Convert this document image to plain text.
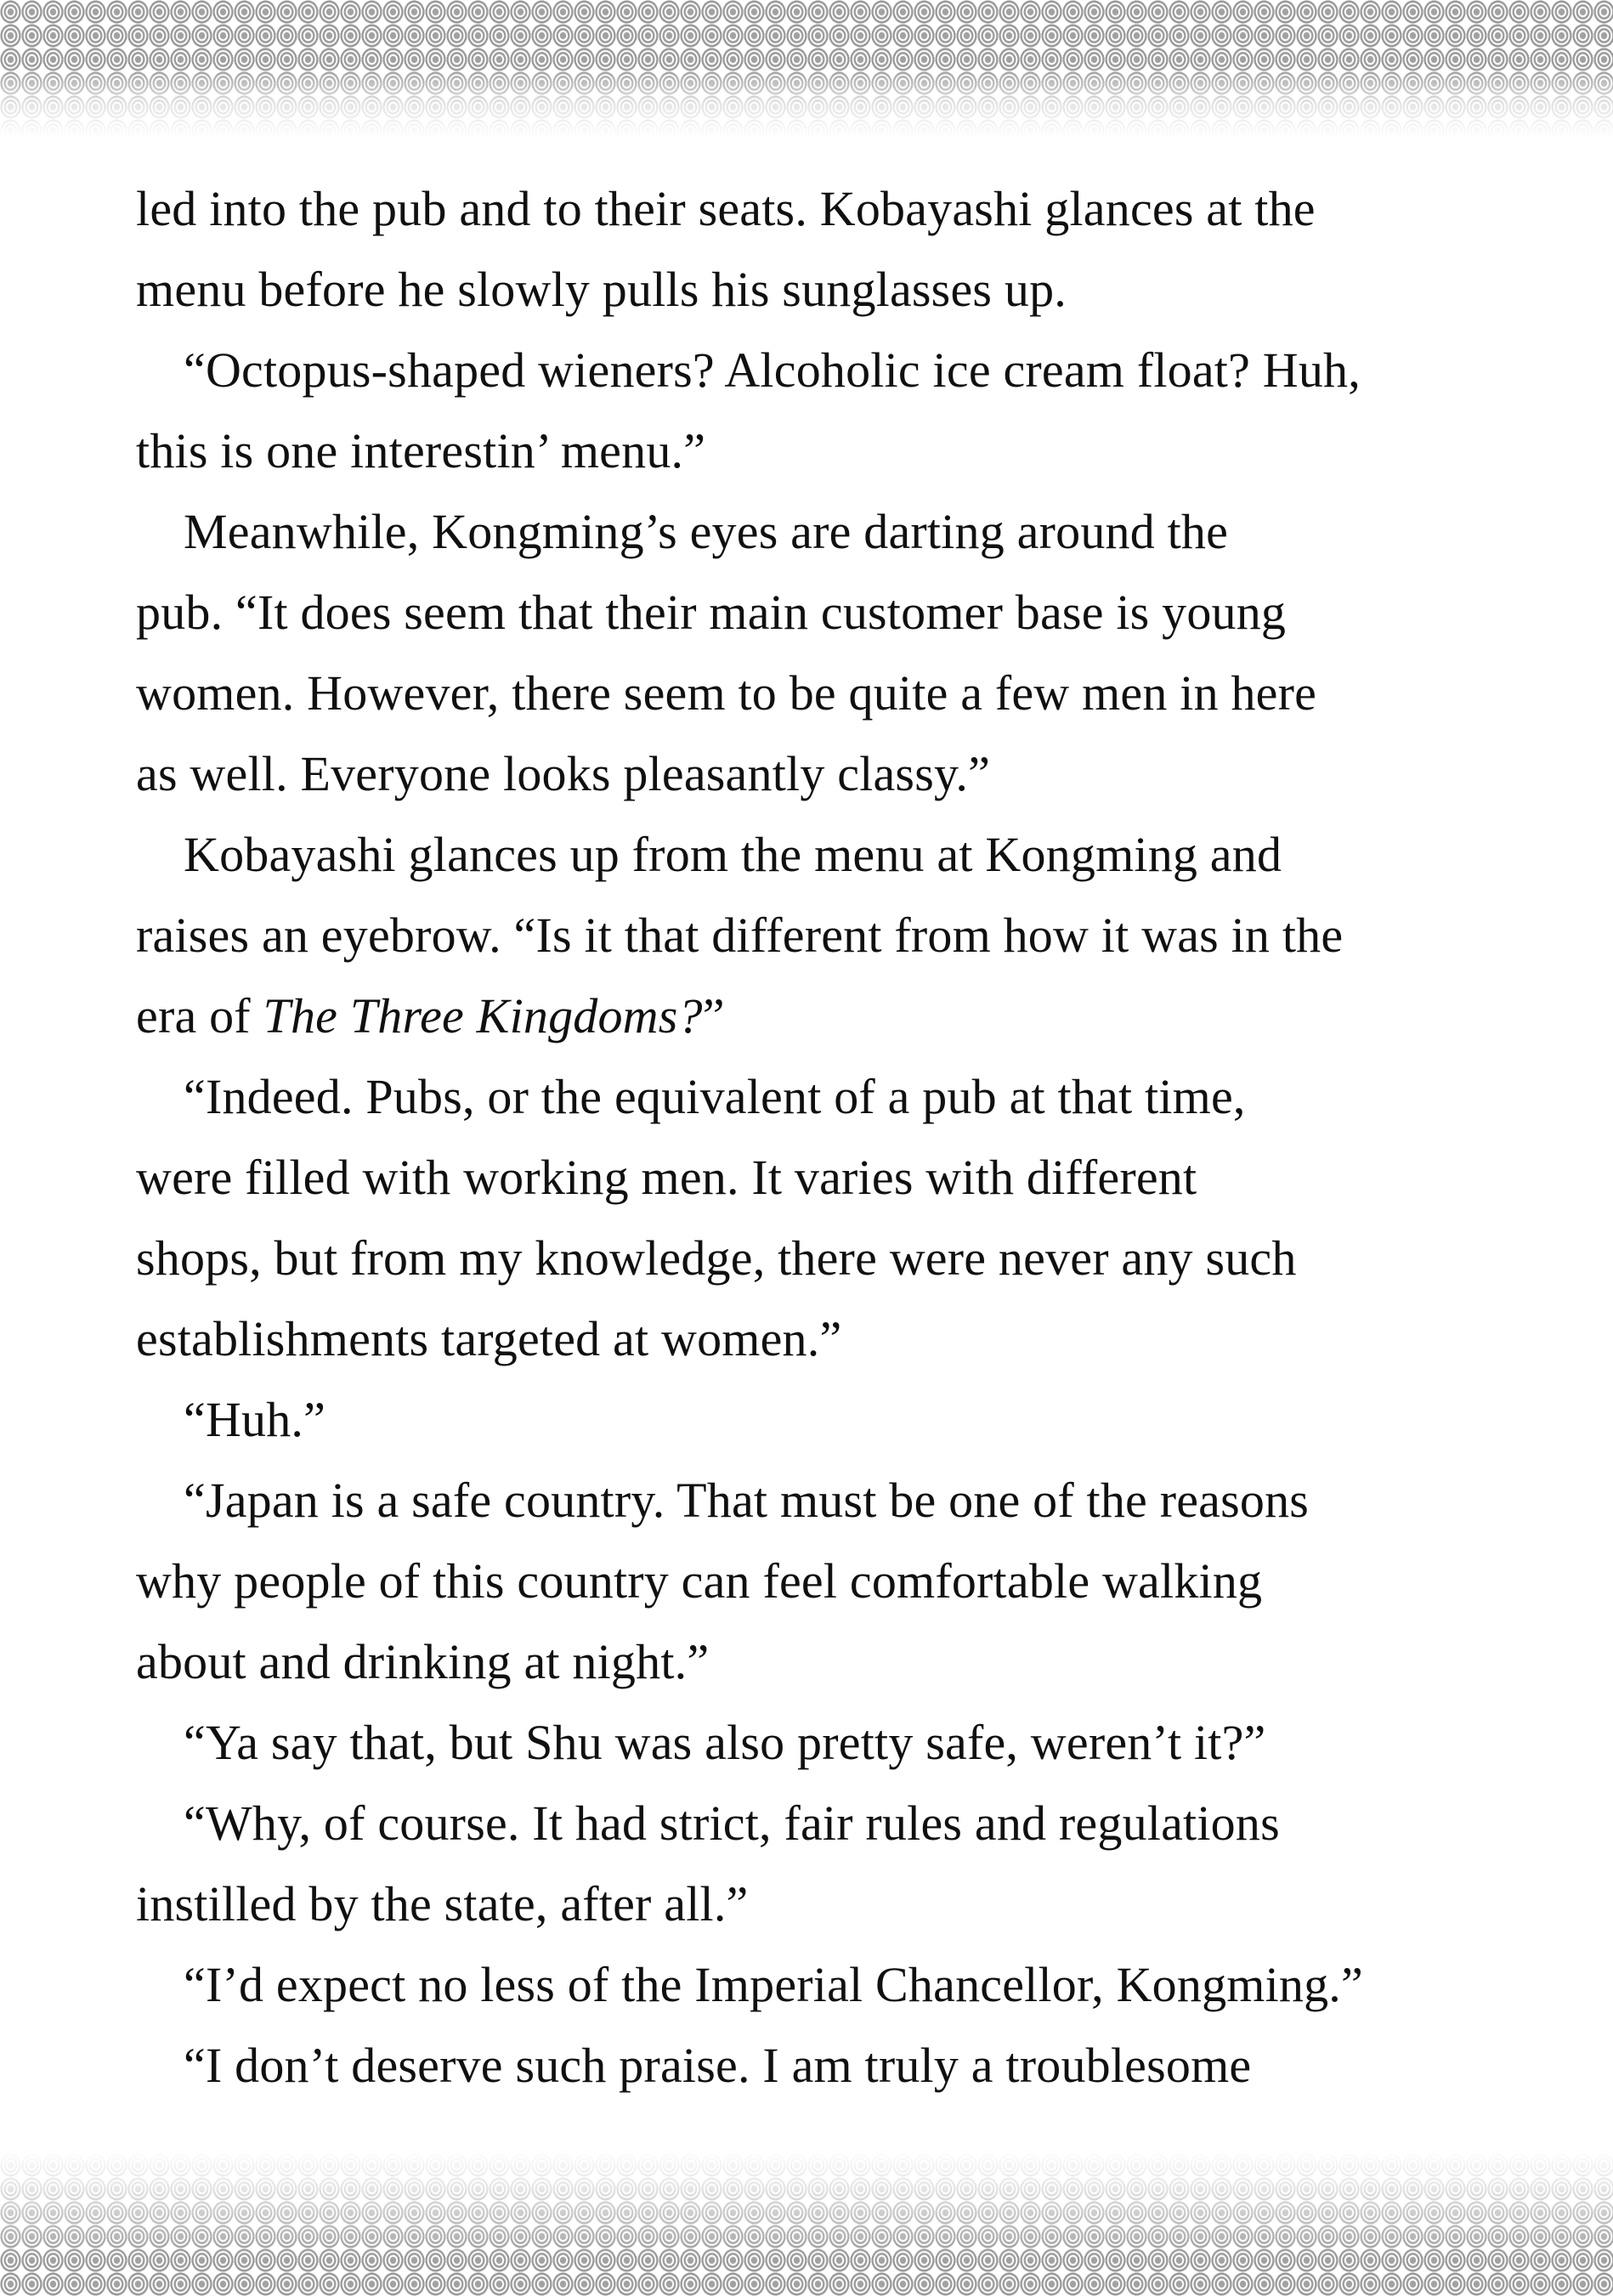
led into the pub and to their seats. Kobayashi glances at the
menu before he slowly pulls his sunglasses up.
“Octopus-shaped wieners? Alcoholic ice cream float? Huh,
this is one interestin’ menu.”
Meanwhile, Kongming’s eyes are darting around the
pub. “It does seem that their main customer base is young
women. However, there seem to be quite a few men in here
as well. Everyone looks pleasantly classy.”
Kobayashi glances up from the menu at Kongming and
raises an eyebrow. “Is it that different from how it was in the
era of The Three Kingdoms?”
“Indeed. Pubs, or the equivalent of a pub at that time,
were filled with working men. It varies with different
shops, but from my knowledge, there were never any such
establishments targeted at women.”
“Huh.”
“Japan is a safe country. That must be one of the reasons
why people of this country can feel comfortable walking
about and drinking at night.”
“Ya say that, but Shu was also pretty safe, weren’t it?”
“Why, of course. It had strict, fair rules and regulations
instilled by the state, after all.”
“I’d expect no less of the Imperial Chancellor, Kongming.”
“I don’t deserve such praise. I am truly a troublesome
